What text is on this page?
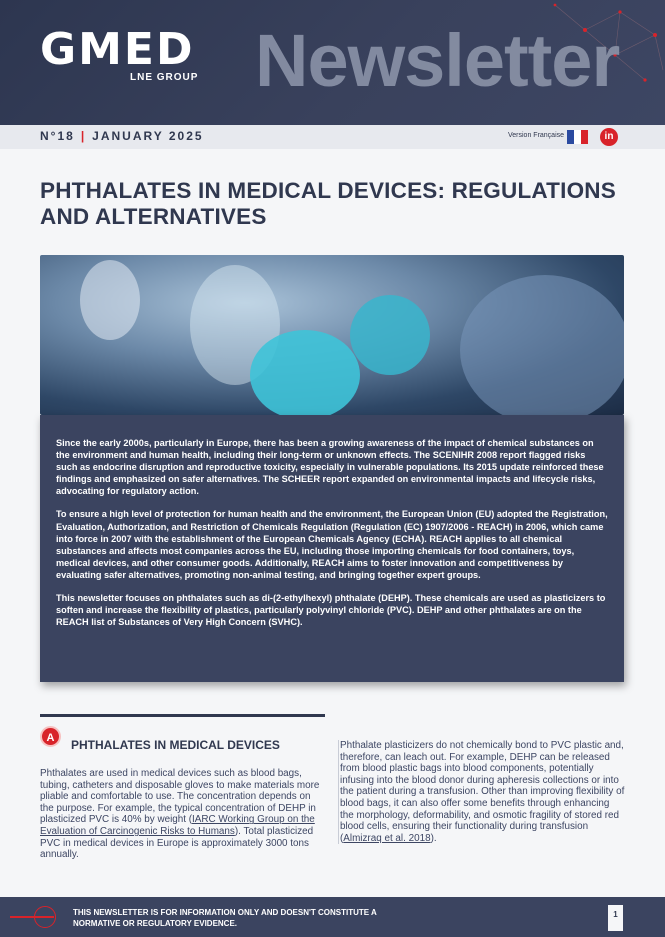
GMED
LNE GROUP Newsletter
N°18 | JANUARY 2025	Version Française	in
PHTHALATES IN MEDICAL DEVICES: REGULATIONS AND ALTERNATIVES

Since the early 2000s, particularly in Europe, there has been a growing awareness of the impact of chemical substances on the environment and human health, including their long-term or unknown effects. The SCENIHR 2008 report flagged risks such as endocrine disruption and reproductive toxicity, especially in vulnerable populations. Its 2015 update reinforced these findings and emphasized on safer alternatives. The SCHEER report expanded on environmental impacts and lifecycle risks, advocating for regulatory action.

To ensure a high level of protection for human health and the environment, the European Union (EU) adopted the Registration, Evaluation, Authorization, and Restriction of Chemicals Regulation (Regulation (EC) 1907/2006 - REACH) in 2006, which came into force in 2007 with the establishment of the European Chemicals Agency (ECHA). REACH applies to all chemical substances and affects most companies across the EU, including those importing chemicals for food containers, toys, medical devices, and other consumer goods. Additionally, REACH aims to foster innovation and competitiveness by evaluating safer alternatives, promoting non-animal testing, and bringing together expert groups.

This newsletter focuses on phthalates such as di-(2-ethylhexyl) phthalate (DEHP). These chemicals are used as plasticizers to soften and increase the flexibility of plastics, particularly polyvinyl chloride (PVC). DEHP and other phthalates are on the REACH list of Substances of Very High Concern (SVHC).

A	PHTHALATES IN MEDICAL DEVICES
Phthalates are used in medical devices such as blood bags, tubing, catheters and disposable gloves to make materials more pliable and comfortable to use. The concentration depends on the purpose. For example, the typical concentration of DEHP in plasticized PVC is 40% by weight (IARC Working Group on the Evaluation of Carcinogenic Risks to Humans). Total plasticized PVC in medical devices in Europe is approximately 3000 tons annually.
Phthalate plasticizers do not chemically bond to PVC plastic and, therefore, can leach out. For example, DEHP can be released from blood plastic bags into blood components, potentially infusing into the blood donor during apheresis collections or into the patient during a transfusion. Other than improving flexibility of blood bags, it can also offer some benefits through enhancing the morphology, deformability, and osmotic fragility of stored red blood cells, ensuring their functionality during transfusion (Almizraq et al. 2018).
THIS NEWSLETTER IS FOR INFORMATION ONLY AND DOESN'T CONSTITUTE A NORMATIVE OR REGULATORY EVIDENCE.
1
